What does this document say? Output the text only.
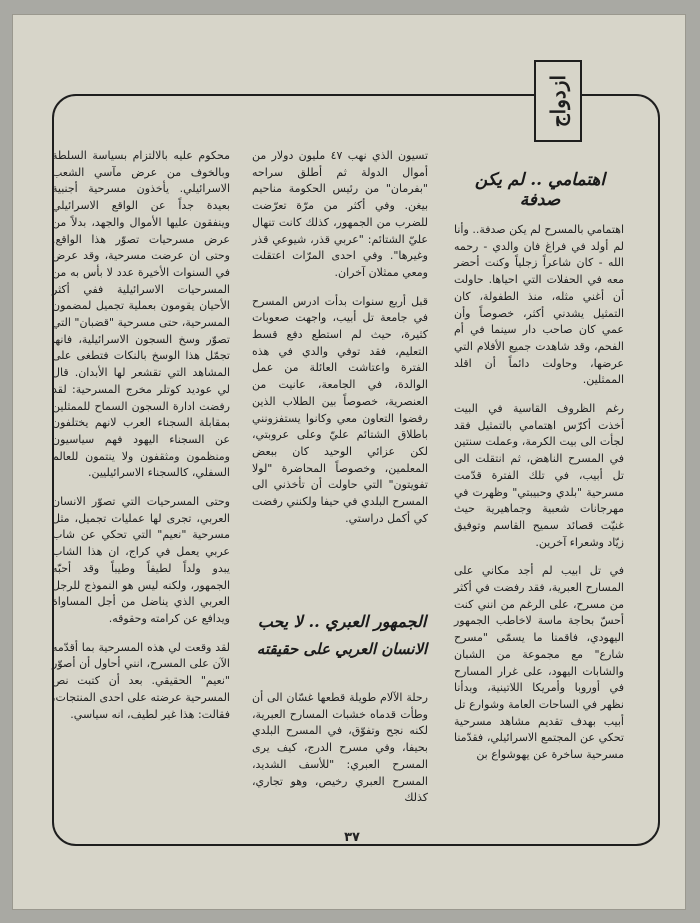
ازدواج
اهتمامي .. لم يكن صدفة

اهتمامي بالمسرح لم يكن صدفة.. وأنا لم أولد في فراغ فان والدي - رحمه الله - كان شاعراً زجلياً وكنت أحضر معه في الحفلات التي احياها. حاولت أن أغني مثله، منذ الطفولة، كان التمثيل يشدني أكثر، خصوصاً وأن عمي كان صاحب دار سينما في أم الفحم، وقد شاهدت جميع الأفلام التي عرضها، وحاولت دائماً أن اقلد الممثلين.

رغم الظروف القاسية في البيت أخذت أكرّس اهتمامي بالتمثيل فقد لجأت الى بيت الكرمة، وعملت سنتين في المسرح الناهض، ثم انتقلت الى تل أبيب، في تلك الفترة قدّمت مسرحية "بلدي وحبيبتي" وظهرت في مهرجانات شعبية وجماهيرية حيث غنيّت قصائد سميح القاسم وتوفيق زيّاد وشعراء آخرين.

في تل ابيب لم أجد مكاني على المسارح العبرية، فقد رفضت في أكثر من مسرح، على الرغم من انني كنت أحسّ بحاجة ماسة لاخاطب الجمهور اليهودي، فاقمنا ما يسمّى "مسرح شارع" مع مجموعة من الشبان والشابات اليهود، على غرار المسارح في أوروبا وأمريكا اللاتينية، وبدأنا نظهر في الساحات العامة وشوارع تل أبيب بهدف تقديم مشاهد مسرحية تحكي عن المجتمع الاسرائيلي، فقدّمنا مسرحية ساخرة عن يهوشواع بن

تسيون الذي نهب ٤٧ مليون دولار من أموال الدولة ثم أطلق سراحه "بفرمان" من رئيس الحكومة مناحيم بيغن. وفي أكثر من مرّة تعرّضت للضرب من الجمهور، كذلك كانت تنهال عليّ الشتائم: "عربي قذر، شيوعي قذر وغيرها". وفي احدى المرّات اعتقلت ومعي ممثلان آخران.

قبل أربع سنوات بدأت ادرس المسرح في جامعة تل أبيب، واجهت صعوبات كثيرة، حيث لم استطع دفع قسط التعليم، فقد توفي والدي في هذه الفترة واعتاشت العائلة من عمل الوالدة، في الجامعة، عانيت من العنصرية، خصوصاً بين الطلاب الذين رفضوا التعاون معي وكانوا يستفزونني باطلاق الشتائم عليّ وعلى عروبتي، لكن عزائي الوحيد كان ببعض المعلمين، وخصوصاً المحاضرة "لولا تفويتون" التي حاولت أن تأخذني الى المسرح البلدي في حيفا ولكنني رفضت كي أكمل دراستي.

الجمهور العبري .. لا يحب
الانسان العربي على حقيقته

رحلة الآلام طويلة قطعها غسّان الى أن وطأت قدماه خشبات المسارح العبرية، لكنه نجح وتفوّق، في المسرح البلدي بحيفا، وفي مسرح الدرج، كيف يرى المسرح العبري: "للأسف الشديد، المسرح العبري رخيص، وهو تجاري، كذلك

محكوم عليه بالالتزام بسياسة السلطة وبالخوف من عرض مآسي الشعب الاسرائيلي. يأخذون مسرحية أجنبية بعيدة جداً عن الواقع الاسرائيلي وينفقون عليها الأموال والجهد، بدلاً من عرض مسرحيات تصوّر هذا الواقع. وحتى ان عرضت مسرحية، وقد عرض في السنوات الأخيرة عدد لا بأس به من المسرحيات الاسرائيلية ففي أكثر الأحيان يقومون بعملية تجميل لمضمون المسرحية، حتى مسرحية "قضبان" التي تصوّر وسخ السجون الاسرائيلية، فانها تجمّل هذا الوسخ بالنكات فتطغى على المشاهد التي تقشعر لها الأبدان. قال لي عوديد كوتلر مخرج المسرحية: لقد رفضت ادارة السجون السماح للممثلين بمقابلة السجناء العرب لانهم يختلفون عن السجناء اليهود فهم سياسيون ومنظمون ومثقفون ولا ينتمون للعالم السفلي، كالسجناء الاسرائيليين.

وحتى المسرحيات التي تصوّر الانسان العربي، تجرى لها عمليات تجميل، مثل مسرحية "نعيم" التي تحكي عن شاب عربي يعمل في كراج، ان هذا الشاب يبدو ولداً لطيفاً وطيباً وقد أحبّه الجمهور، ولكنه ليس هو النموذج للرجل العربي الذي يناضل من أجل المساواة ويدافع عن كرامته وحقوقه.

لقد وقعت لي هذه المسرحية بما أقدّمه الآن على المسرح، انني أحاول أن أصوّر "نعيم" الحقيقي. بعد أن كتبت نص المسرحية عرضته على احدى المنتجات، فقالت: هذا غير لطيف، انه سياسي.

٣٧
